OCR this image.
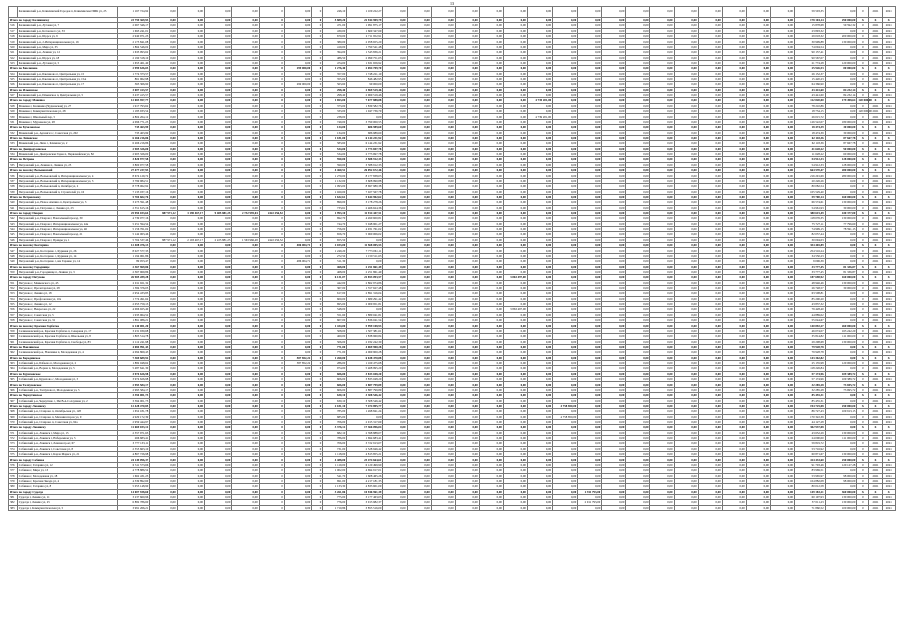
13
	Калининский р-н, Клявлинский Городок п, Клявлинская ПМК ул, 25	1 167 724,92	0,00	0,00	0,00	0,00	0	0,00	0	246,10	1 109 222,27	0,00	0,00	0,00	0,00	0,00	0,00	0,00	0,00	0,00	0,00	0,00	0,00	0,00	0,00	0,00	0,00	0,00	59 503,35	0,00	0	2021	2021
Итого по городу Калининску		23 759 369,93	0,00	0,00	0,00	0,00	0	0,00	0	5 889,20	22 944 909,79	0,00	0,00	0,00	0,00	0,00	0,00	0,00	0,00	0,00	0,00	0,00	0,00	0,00	0,00	0,00	0,00	0,00	178 104,14	290 000,00	X	X	X
316	Калининский р-н, Луговая ул, 7	2 067 346,17	0,00	0,00	0,00	0,00	0	0,00	0	471,00	1 991 875,17	0,00	0,00	0,00	0,00	0,00	0,00	0,00	0,00	0,00	0,00	0,00	0,00	0,00	0,00	0,00	0,00	0,00	15 878,68	59 592,32	0	2021	2021
317	Калининский р-н, Котовского ул, 33	1 693 241,01	0,00	0,00	0,00	0,00	0	0,00	0	430,00	1 669 347,69	0,00	0,00	0,00	0,00	0,00	0,00	0,00	0,00	0,00	0,00	0,00	0,00	0,00	0,00	0,00	0,00	0,00	23 893,32	0,00	0	2021	2021
318	Калининский р-н, Щорса ул, 9	2 940 971,23	0,00	0,00	0,00	0,00	0	0,00	0	670,00	2 711 952,91	0,00	0,00	0,00	0,00	0,00	0,00	0,00	0,00	0,00	0,00	0,00	0,00	0,00	0,00	0,00	0,00	0,00	29 018,32	200 000,00	0	2021	2021
319	Калининский р-н, 2-Интернациональная ул, 16	2 175 841,08	0,00	0,00	0,00	0,00	0	0,00	0	380,00	2 058 655,20	0,00	0,00	0,00	0,00	0,00	0,00	0,00	0,00	0,00	0,00	0,00	0,00	0,00	0,00	0,00	0,00	0,00	30 999,88	130 000,00	0	2021	2021
320	Калининский р-н, Мира ул, 35	1 864 546,02	0,00	0,00	0,00	0,00	0	0,00	0	419,00	1 790 541,48	0,00	0,00	0,00	0,00	0,00	0,00	0,00	0,00	0,00	0,00	0,00	0,00	0,00	0,00	0,00	0,00	0,00	74 004,54	0,00	0	2021	2021
321	Калининский р-н, Ленина ул, 12	1 633 993,62	0,00	0,00	0,00	0,00	0	0,00	0	394,00	1 543 836,21	0,00	0,00	0,00	0,00	0,00	0,00	0,00	0,00	0,00	0,00	0,00	0,00	0,00	0,00	0,00	0,00	0,00	90 157,41	0,00	0	2021	2021
322	Калининский р-н, Щорса ул, 18	2 190 318,10	0,00	0,00	0,00	0,00	0	0,00	0	486,50	2 099 751,03	0,00	0,00	0,00	0,00	0,00	0,00	0,00	0,00	0,00	0,00	0,00	0,00	0,00	0,00	0,00	0,00	0,00	90 567,07	0,00	0	2021	2021
323	Калининский р-н, Луговая ул, 5	1 653 461,40	0,00	0,00	0,00	0,00	0	0,00	0	474,00	1 631 656,92	0,00	0,00	0,00	0,00	0,00	0,00	0,00	0,00	0,00	0,00	0,00	0,00	0,00	0,00	0,00	0,00	0,00	21 774,28	120 000,00	0	2021	2021
Итого по Бакланово		2 999 636,03	0,00	0,00	0,00	0,00	0	299 000,00	0	1 276,40	2 694 709,70	0,00	0,00	0,00	0,00	0,00	0,00	0,00	0,00	0,00	0,00	0,00	0,00	0,00	0,00	0,00	0,00	0,00	25 926,53	80 000,00	X	X	X
324	Калининский р-н, Бакланово п, Центральная ул, 15	1 774 373,57	0,00	0,00	0,00	0,00	0	0,00	0	357,00	1 748 221,10	0,00	0,00	0,00	0,00	0,00	0,00	0,00	0,00	0,00	0,00	0,00	0,00	0,00	0,00	0,00	0,00	0,00	26 152,37	0,00	0	2021	2021
325	Калининский р-н, Бакланово п, Центральная ул, 15А	861 962,98	0,00	0,00	0,00	0,00	0	0,00	0	355,00	846 482,95	0,00	0,00	0,00	0,00	0,00	0,00	0,00	0,00	0,00	0,00	0,00	0,00	0,00	0,00	0,00	0,00	0,00	15 420,23	0,00	0	2021	2021
326	Калининский р-н, Бакланово п, Центральная ул, 17	363 366,90	0,00	0,00	0,00	0,00	0	299 000,00	0	563,60	99 000,00	0,00	0,00	0,00	0,00	0,00	0,00	0,00	0,00	0,00	0,00	0,00	0,00	0,00	0,00	0,00	0,00	0,00	64 366,90	0,00	0	2021	2021
Итого по Ильинское		3 007 413,57	0,00	0,00	0,00	0,00	0	0,00	0	298,40	2 969 519,46	0,00	0,00	0,00	0,00	0,00	0,00	0,00	0,00	0,00	0,00	0,00	0,00	0,00	0,00	0,00	0,00	0,00	43 441,60	84 232,14	X	X	X
327	Калининский р-н, Ильинское п, Центральная ул, 5	3 437 415,57	0,00	0,00	0,00	0,00	0	0,00	0	298,40	2 969 519,46	0,00	0,00	0,00	0,00	0,00	0,00	0,00	0,00	0,00	0,00	0,00	0,00	0,00	0,00	0,00	0,00	0,00	43 441,60	84 232,14	0	2021	2021
Итого по городу Маневка		12 003 957,77	0,00	0,00	0,00	0,00	0	0,00	0	1 693,00	7 677 888,88	0,00	0,00	0,00	0,00	0,00	0,00	4 739 201,00	0,00	0,00	0,00	0,00	0,00	0,00	0,00	0,00	0,00	0,00	112 820,00	179 498,64	120 000,00	X	X
328	Маневка г, Калинина (Чудновская) ул, 27	1 917 793,62	0,00	0,00	0,00	0,00	0	0,00	0	373,00	1 839 582,76	0,00	0,00	0,00	0,00	0,00	0,00	0,00	0,00	0,00	0,00	0,00	0,00	0,00	0,00	0,00	0,00	0,00	78 210,86	0,00	0	2021	2021
329	Маневка г, Коммунистическая ул, 28	1 185 933,54	0,00	0,00	0,00	0,00	0	0,00	0	333,00	1 047 736,79	0,00	0,00	0,00	0,00	0,00	0,00	0,00	0,00	0,00	0,00	0,00	0,00	0,00	0,00	0,00	0,00	0,00	18 734,15	0,00	120 000,00	2021	2021
330	Маневка г, Школьный пер, 5	4 804 264,12	0,00	0,00	0,00	0,00	0	0,00	0	238,00	0,00	0,00	0,00	0,00	0,00	0,00	0,00	4 739 201,00	0,00	0,00	0,00	0,00	0,00	0,00	0,00	0,00	0,00	0,00	26 015,72	0,00	0	2021	2021
331	Маневка г, Мурзакова ул, 28	4 096 771,25	0,00	0,00	0,00	0,00	0	0,00	0	749,00	3 790 000,55	0,00	0,00	0,00	0,00	0,00	0,00	0,00	0,00	0,00	0,00	0,00	0,00	0,00	0,00	0,00	0,00	0,00	126 522,07	180 000,00	0	2021	2021
Итого по Бухаловское		735 463,99	0,00	0,00	0,00	0,00	0	0,00	0	134,00	686 989,60	0,00	0,00	0,00	0,00	0,00	0,00	0,00	0,00	0,00	0,00	0,00	0,00	0,00	0,00	0,00	0,00	0,00	18 474,39	30 000,00	X	X	X
332	Маневский р-н, Архангел с, Советская ул, 202	735 463,99	0,00	0,00	0,00	0,00	0	0,00	0	134,00	686 989,60	0,00	0,00	0,00	0,00	0,00	0,00	0,00	0,00	0,00	0,00	0,00	0,00	0,00	0,00	0,00	0,00	0,00	18 474,39	30 000,00	0	2021	2021
Итого по Липовское		6 266 216,86	0,00	0,00	0,00	0,00	0	0,00	0	1 181,00	6 144 231,92	0,00	0,00	0,00	0,00	0,00	0,00	0,00	0,00	0,00	0,00	0,00	0,00	0,00	0,00	0,00	0,00	0,00	62 118,36	87 667,78	X	X	X
333	Маневский р-н, Липа с, Климова ул, 2	6 266 216,86	0,00	0,00	0,00	0,00	0	0,00	0	583,60	6 144 231,92	0,00	0,00	0,00	0,00	0,00	0,00	0,00	0,00	0,00	0,00	0,00	0,00	0,00	0,00	0,00	0,00	0,00	62 118,36	87 667,78	0	2021	2021
Итого по Днепрорусенское		2 905 326,00	0,00	0,00	0,00	0,00	0	0,00	0	534,00	2 773 697,78	0,00	0,00	0,00	0,00	0,00	0,00	0,00	0,00	0,00	0,00	0,00	0,00	0,00	0,00	0,00	0,00	0,00	41 628,22	90 000,00	X	X	X
334	Маневский р-н, Днепровская Горка п, Первомайская ул, 82	2 905 326,00	0,00	0,00	0,00	0,00	0	0,00	0	534,00	2 773 697,78	0,00	0,00	0,00	0,00	0,00	0,00	0,00	0,00	0,00	0,00	0,00	0,00	0,00	0,00	0,00	0,00	0,00	11 628,22	60 000,00	0	2021	2021
Итого по Петрово		3 820 977,58	0,00	0,00	0,00	0,00	0	0,00	0	590,00	3 588 912,33	0,00	0,00	0,00	0,00	0,00	0,00	0,00	0,00	0,00	0,00	0,00	0,00	0,00	0,00	0,00	0,00	0,00	54 912,33	128 000,00	X	X	X
335	Петровский р-н, Ленина п, Ленина ул, 25	3 800 977,58	0,00	0,00	0,00	0,00	0	0,00	0	590,00	3 588 912,33	0,00	0,00	0,00	0,00	0,00	0,00	0,00	0,00	0,00	0,00	0,00	0,00	0,00	0,00	0,00	0,00	0,00	54 912,33	128 000,00	0	2021	2021
Итого по поселку Вольновский		27 477 237,93	0,00	0,00	0,00	0,00	0	0,00	0	4 460,51	26 092 672,46	0,00	0,00	0,00	0,00	0,00	0,00	0,00	0,00	0,00	0,00	0,00	0,00	0,00	0,00	0,00	0,00	0,00	664 570,47	280 000,00	X	X	X
336	Петровский р-н, Вольновский п, Интернациональная ул, 4	8 674 129,72	0,00	0,00	0,00	0,00	0	0,00	0	1 270,00	8 177 838,03	0,00	0,00	0,00	0,00	0,00	0,00	0,00	0,00	0,00	0,00	0,00	0,00	0,00	0,00	0,00	0,00	0,00	216 291,69	280 000,00	0	2021	2021
337	Петровский р-н, Вольновский п, Интернациональная ул, 3	3 799 984,51	0,00	0,00	0,00	0,00	0	0,00	0	1 132,00	3 608 990,88	0,00	0,00	0,00	0,00	0,00	0,00	0,00	0,00	0,00	0,00	0,00	0,00	0,00	0,00	0,00	0,00	0,00	20 226,26	0,00	0	2021	2021
338	Петровский р-н, Вольновский п, Октября ул, 2	8 778 062,92	0,00	0,00	0,00	0,00	0	0,00	0	1 093,00	8 697 980,38	0,00	0,00	0,00	0,00	0,00	0,00	0,00	0,00	0,00	0,00	0,00	0,00	0,00	0,00	0,00	0,00	0,00	80 082,54	0,00	0	2021	2021
339	Петровский р-н, Вольновский п, Строителей ул, 16	7 133 037,16	0,00	0,00	0,00	0,00	0	0,00	0	1 020,00	7 027 567,78	0,00	0,00	0,00	0,00	0,00	0,00	0,00	0,00	0,00	0,00	0,00	0,00	0,00	0,00	0,00	0,00	0,00	105 529,40	0,00	0	2021	2021
Итого по Петровскому		5 704 602,76	0,00	0,00	0,00	0,00	0	0,00	0	1 632,61	5 644 902,62	0,00	0,00	0,00	0,00	0,00	0,00	0,00	0,00	0,00	0,00	0,00	0,00	0,00	0,00	0,00	0,00	0,00	59 700,14	160 000,00	X	X	X
340	Петровский р-н, Новое Ампино п, Центральная ул, 3	3 273 591,48	0,00	0,00	0,00	0,00	0	0,00	0	899,00	3 178 278,26	0,00	0,00	0,00	0,00	0,00	0,00	0,00	0,00	0,00	0,00	0,00	0,00	0,00	0,00	0,00	0,00	0,00	66 574,61	130 000,00	0	2021	2021
341	Петровский р-н, Петровка с, Ленина ул, 23	2 551 615,16	0,00	0,00	0,00	0,00	0	0,00	0	733,61	2 466 624,36	0,00	0,00	0,00	0,00	0,00	0,00	0,00	0,00	0,00	0,00	0,00	0,00	0,00	0,00	0,00	0,00	0,00	54 961,93	30 000,00	0	2021	2021
Итого по городу Покров		25 994 033,64	887 971,12	3 190 467,17	9 485 881,25	2 732 995,04	2422 256,52	0,00	0	1 993,10	11 914 447,51	0,00	0,00	0,00	0,00	0,00	0,00	0,00	0,00	0,00	0,00	0,00	0,00	0,00	0,00	0,00	0,00	0,00	380 615,49	430 377,00	X	X	X
342	Петровский р-н, Покров г, Вокзальный проезд, 30	4 739 077,16	0,00	0,00	0,00	0,00	0	0,00	0	692,70	4 490 600,81	0,00	0,00	0,00	0,00	0,00	0,00	0,00	0,00	0,00	0,00	0,00	0,00	0,00	0,00	0,00	0,00	0,00	118 076,35	130 000,00	0	2021	2021
343	Петровский р-н, Покров г, Интернациональная ул, 44а	5 251 594,54	0,00	0,00	0,00	0,00	0	0,00	0	744,70	5 048 901,27	0,00	0,00	0,00	0,00	0,00	0,00	0,00	0,00	0,00	0,00	0,00	0,00	0,00	0,00	0,00	0,00	0,00	75 727,11	77 796,60	0	2021	2021
344	Петровский р-н, Покров г, Интернациональная ул, 46	5 156 761,02	0,00	0,00	0,00	0,00	0	0,00	0	756,00	4 931 761,02	0,00	0,00	0,00	0,00	0,00	0,00	0,00	0,00	0,00	0,00	0,00	0,00	0,00	0,00	0,00	0,00	0,00	74 999,15	78 591,15	0	2021	2021
345	Петровский р-н, Покров г, Вокзальный проезд, 21	5 142 063,46	0,00	0,00	0,00	0,00	0	0,00	0	656,70	5 060 006,02	0,00	0,00	0,00	0,00	0,00	0,00	0,00	0,00	0,00	0,00	0,00	0,00	0,00	0,00	0,00	0,00	0,00	82 057,44	0,00	0	2021	2021
346	Петровский р-н, Покров г, Правды ул, 1	5 704 537,46	887 971,12	2 193 467,17	2 225 881,25	1 563 966,48	2422 256,52	0,00	0	655,50	0,00	0,00	0,00	0,00	0,00	0,00	0,00	0,00	0,00	0,00	0,00	0,00	0,00	0,00	0,00	0,00	0,00	0,00	30 094,03	0,00	0	2021	2021
Итого по поселку Костерино		12 408 476,13	0,00	0,00	0,00	0,00	0	486 004,71	0	2 033,00	11 568 005,53	0,00	0,00	0,00	0,00	0,00	0,00	0,00	0,00	0,00	0,00	0,00	0,00	0,00	0,00	0,00	0,00	0,00	354 465,89	0,00	X	X	X
347	Петровский р-н, Костерино с, Куриная ул, 26	8 027 577,35	0,00	0,00	0,00	0,00	0	0,00	0	1 249,20	7 773 061,11	0,00	0,00	0,00	0,00	0,00	0,00	0,00	0,00	0,00	0,00	0,00	0,00	0,00	0,00	0,00	0,00	0,00	254 516,24	0,00	0	2021	2021
348	Петровский р-н, Костерино с, Куриная ул, 14	1 194 061,86	0,00	0,00	0,00	0,00	0	0,00	0	272,50	1 159 511,63	0,00	0,00	0,00	0,00	0,00	0,00	0,00	0,00	0,00	0,00	0,00	0,00	0,00	0,00	0,00	0,00	0,00	34 550,23	0,00	0	2021	2021
349	Петровский р-н, Костерино с, им Гаранко ул, 14	89 053,47	0,00	0,00	0,00	0,00	0	486 004,71	0	511,30	0,00	0,00	0,00	0,00	0,00	0,00	0,00	0,00	0,00	0,00	0,00	0,00	0,00	0,00	0,00	0,00	0,00	0,00	9 096,39	0,00	0	2021	2021
Итого по поселку Городнище		2 367 969,86	0,00	0,00	0,00	0,00	0	0,00	0	468,00	2 251 861,49	0,00	0,00	0,00	0,00	0,00	0,00	0,00	0,00	0,00	0,00	0,00	0,00	0,00	0,00	0,00	0,00	0,00	33 777,45	81 336,87	X	X	X
350	Петровский р-н, Городнище п, Ленина ул, 3	2 367 969,86	0,00	0,00	0,00	0,00	0	0,00	0	468,00	2 251 861,49	0,00	0,00	0,00	0,00	0,00	0,00	0,00	0,00	0,00	0,00	0,00	0,00	0,00	0,00	0,00	0,00	0,00	33 777,45	81 336,87	0	2021	2021
Итого по городу Петухово		26 905 289,28	0,00	0,00	0,00	0,00	0	0,00	0	6 131,07	22 853 093,57	0,00	0,00	0,00	0,00	0,00	3 863 497,00	0,00	0,00	0,00	0,00	0,00	0,00	0,00	0,00	0,00	0,00	0,00	187 698,92	160 000,00	X	X	X
351	Петухово г, Маяковского ул, 45	2 911 921,32	0,00	0,00	0,00	0,00	0	0,00	0	442,00	2 862 974,86	0,00	0,00	0,00	0,00	0,00	0,00	0,00	0,00	0,00	0,00	0,00	0,00	0,00	0,00	0,00	0,00	0,00	48 946,46	130 000,00	0	2021	2021
352	Петухово г, Пролетарская ул, 28	1 584 376,05	0,00	0,00	0,00	0,00	0	0,00	0	367,00	1 557 627,48	0,00	0,00	0,00	0,00	0,00	0,00	0,00	0,00	0,00	0,00	0,00	0,00	0,00	0,00	0,00	0,00	0,00	26 748,57	30 000,00	0	2021	2021
353	Петухово г, Ленина ул, 18	2 954 433,85	0,00	0,00	0,00	0,00	0	0,00	0	617,00	2 891 316,04	0,00	0,00	0,00	0,00	0,00	0,00	0,00	0,00	0,00	0,00	0,00	0,00	0,00	0,00	0,00	0,00	0,00	63 508,81	0,00	0	2021	2021
354	Петухово г, Профсоюзная ул, 10а	1 774 491,62	0,00	0,00	0,00	0,00	0	0,00	0	600,00	1 689 291,42	0,00	0,00	0,00	0,00	0,00	0,00	0,00	0,00	0,00	0,00	0,00	0,00	0,00	0,00	0,00	0,00	0,00	85 200,20	0,00	0	2021	2021
355	Петухово г, Ленина ул, 12	2 053 759,13	0,00	0,00	0,00	0,00	0	0,00	0	695,00	2 009 951,81	0,00	0,00	0,00	0,00	0,00	0,00	0,00	0,00	0,00	0,00	0,00	0,00	0,00	0,00	0,00	0,00	0,00	43 837,32	0,00	0	2021	2021
356	Петухово г, Некрасова ул, 22	4 066 925,40	0,00	0,00	0,00	0,00	0	0,00	0	548,00	0,00	0,00	0,00	0,00	0,00	0,00	3 863 497,00	0,00	0,00	0,00	0,00	0,00	0,00	0,00	0,00	0,00	0,00	0,00	79 428,40	0,00	0	2021	2021
357	Петухово г, Советская ул, 5	1 933 964,52	0,00	0,00	0,00	0,00	0	0,00	0	551,60	1 889 041,81	0,00	0,00	0,00	0,00	0,00	0,00	0,00	0,00	0,00	0,00	0,00	0,00	0,00	0,00	0,00	0,00	0,00	44 889,02	0,00	0	2021	2021
358	Петухово г, Советская ул, 31	1 891 086,21	0,00	0,00	0,00	0,00	0	0,00	0	607,00	1 836 041,54	0,00	0,00	0,00	0,00	0,00	0,00	0,00	0,00	0,00	0,00	0,00	0,00	0,00	0,00	0,00	0,00	0,00	55 044,67	0,00	0	2021	2021
Итого по поселку Красная Горбатка		6 140 001,20	0,00	0,00	0,00	0,00	0	0,00	0	1 434,00	5 999 108,93	0,00	0,00	0,00	0,00	0,00	0,00	0,00	0,00	0,00	0,00	0,00	0,00	0,00	0,00	0,00	0,00	0,00	140 892,27	260 000,00	X	X	X
359	Селивановский р-н, Красная Горбатка п, Северная ул, 17	3 231 930,68	0,00	0,00	0,00	0,00	0	0,00	0	508,00	1 507 381,61	0,00	0,00	0,00	0,00	0,00	0,00	0,00	0,00	0,00	0,00	0,00	0,00	0,00	0,00	0,00	0,00	0,00	46 074,07	163 242,20	0	2021	2021
360	Селивановский р-н, Красная Горбатка п, Школьная ул, 8	1 805 514,78	0,00	0,00	0,00	0,00	0	0,00	0	460,00	1 838 960,84	0,00	0,00	0,00	0,00	0,00	0,00	0,00	0,00	0,00	0,00	0,00	0,00	0,00	0,00	0,00	0,00	0,00	35 814,82	111 000,00	0	2021	2021
361	Селивановский р-н, Красная Горбатка п, Свободы ул, 83	2 112 241,98	0,00	0,00	0,00	0,00	0	0,00	0	506,00	2 032 242,30	0,00	0,00	0,00	0,00	0,00	0,00	0,00	0,00	0,00	0,00	0,00	0,00	0,00	0,00	0,00	0,00	0,00	29 298,68	130 000,00	0	2021	2021
Итого по Новлянское		4 084 991,43	0,00	0,00	0,00	0,00	0	0,00	0	771,00	4 069 900,28	0,00	0,00	0,00	0,00	0,00	0,00	0,00	0,00	0,00	0,00	0,00	0,00	0,00	0,00	0,00	0,00	0,00	79 928,78	0,00	X	X	X
362	Селивановский р-н, Новлянка п, Молодежная ул, 4	4 094 869,43	0,00	0,00	0,00	0,00	0	0,00	0	771,00	4 069 900,28	0,00	0,00	0,00	0,00	0,00	0,00	0,00	0,00	0,00	0,00	0,00	0,00	0,00	0,00	0,00	0,00	0,00	79 928,78	0,00	0	2021	2021
Итого по Бородинское		7 369 689,92	0,00	0,00	0,00	0,00	0	587 852,22	0	1 260,00	6 638 470,88	0,00	0,00	0,00	0,00	0,00	0,00	0,00	0,00	0,00	0,00	0,00	0,00	0,00	0,00	0,00	0,00	0,00	143 362,82	0,00	X	X	X
363	Собинский р-н, Бабаево п, Молодежная ул, 2	1 882 048,62	0,00	0,00	0,00	0,00	0	587 852,22	0	286,00	1 169 475,68	0,00	0,00	0,00	0,00	0,00	0,00	0,00	0,00	0,00	0,00	0,00	0,00	0,00	0,00	0,00	0,00	0,00	25 135,98	120 000,00	0	2021	2021
364	Собинский р-н, Ворша п, Молодежная ул, 5	5 487 641,30	0,00	0,00	0,00	0,00	0	0,00	0	974,00	5 468 995,20	0,00	0,00	0,00	0,00	0,00	0,00	0,00	0,00	0,00	0,00	0,00	0,00	0,00	0,00	0,00	0,00	0,00	118 226,84	0,00	0	2021	2021
Итого по Куриловское		3 974 626,98	0,00	0,00	0,00	0,00	0	0,00	0	606,00	3 833 048,20	0,00	0,00	0,00	0,00	0,00	0,00	0,00	0,00	0,00	0,00	0,00	0,00	0,00	0,00	0,00	0,00	0,00	57 174,96	109 389,72	X	X	X
365	Собинский р-н, Курилово с, Молодежная ул, 3	3 974 626,98	0,00	0,00	0,00	0,00	0	0,00	0	606,00	3 833 048,20	0,00	0,00	0,00	0,00	0,00	0,00	0,00	0,00	0,00	0,00	0,00	0,00	0,00	0,00	0,00	0,00	0,00	57 174,96	109 389,72	0	2021	2021
Итого по Толпуховское		2 993 584,17	0,00	0,00	0,00	0,00	0	0,00	0	606,00	2 887 799,89	0,00	0,00	0,00	0,00	0,00	0,00	0,00	0,00	0,00	0,00	0,00	0,00	0,00	0,00	0,00	0,00	0,00	32 285,28	73 695,72	X	X	X
366	Собинский р-н, Толпухово п, Молодежная ул, 5	2 993 584,17	0,00	0,00	0,00	0,00	0	0,00	0	606,00	2 887 799,89	0,00	0,00	0,00	0,00	0,00	0,00	0,00	0,00	0,00	0,00	0,00	0,00	0,00	0,00	0,00	0,00	0,00	32 285,28	73 695,72	0	2021	2021
Итого по Черкутинское		3 394 001,73	0,00	0,00	0,00	0,00	0	0,00	0	630,10	3 308 546,42	0,00	0,00	0,00	0,00	0,00	0,00	0,00	0,00	0,00	0,00	0,00	0,00	0,00	0,00	0,00	0,00	0,00	85 455,31	0,00	X	X	X
367	Собинский р-н, Черкутино с, Им В.А.Солоухина ул, 2	3 394 001,73	0,00	0,00	0,00	0,00	0	0,00	0	630,10	3 308 546,42	0,00	0,00	0,00	0,00	0,00	0,00	0,00	0,00	0,00	0,00	0,00	0,00	0,00	0,00	0,00	0,00	0,00	85 455,31	0,00	0	2021	2021
Итого по городу Лакинску		12 428 470,85	0,00	0,00	0,00	0,00	0	0,00	0	2 181,10	7 474 895,77	0,00	0,00	0,00	0,00	0,00	0,00	0,00	4 758 850,00	0,00	0,00	0,00	0,00	0,00	0,00	0,00	0,00	0,00	194 725,08	250 000,00	X	X	X
368	Собинский р-н, Ставрово п, Октябрьская ул, 128	1 652 181,78	0,00	0,00	0,00	0,00	0	0,00	0	785,00	1 498 841,24	0,00	0,00	0,00	0,00	0,00	0,00	0,00	0,00	0,00	0,00	0,00	0,00	0,00	0,00	0,00	0,00	0,00	86 727,43	109 913,15	0	2021	2021
369	Собинский р-н, Ставрово п, Механизаторов ул, 9	4 929 172,39	0,00	0,00	0,00	0,00	0	0,00	0	685,00	0,00	0,00	0,00	0,00	0,00	0,00	0,00	0,00	4 758 850,00	0,00	0,00	0,00	0,00	0,00	0,00	0,00	0,00	0,00	170 322,39	0,00	0	2021	2021
370	Собинский р-н, Ставрово п, Советская ул, 92а	2 959 444,97	0,00	0,00	0,00	0,00	0	0,00	0	706,00	2 915 317,69	0,00	0,00	0,00	0,00	0,00	0,00	0,00	0,00	0,00	0,00	0,00	0,00	0,00	0,00	0,00	0,00	0,00	44 127,28	0,00	0	2021	2021
Итого по городу Лакинску		11 669 033,12	0,00	0,00	0,00	0,00	0	0,00	0	3 376,12	17 366 096,04	0,00	0,00	0,00	0,00	0,00	0,00	0,00	0,00	0,00	0,00	0,00	0,00	0,00	0,00	0,00	0,00	0,00	302 937,08	0,00	X	X	X
371	Собинский р-н, Лакинск г, Мира ул, 15	2 557 971,63	0,00	0,00	0,00	0,00	0	0,00	0	682,10	2 398 888,07	0,00	0,00	0,00	0,00	0,00	0,00	0,00	0,00	0,00	0,00	0,00	0,00	0,00	0,00	0,00	0,00	0,00	43 652,29	130 000,00	0	2021	2021
372	Собинский р-н, Лакинск г, Набережная ул, 5	266 683,41	0,00	0,00	0,00	0,00	0	0,00	0	786,00	1 694 683,41	0,00	0,00	0,00	0,00	0,00	0,00	0,00	0,00	0,00	0,00	0,00	0,00	0,00	0,00	0,00	0,00	0,00	24 000,00	111 000,00	0	2021	2021
373	Собинский р-н, Лакинск г, Ленина пр-кт, 67	3 777 133,11	0,00	0,00	0,00	0,00	0	0,00	0	706,00	3 722 913,07	0,00	0,00	0,00	0,00	0,00	0,00	0,00	0,00	0,00	0,00	0,00	0,00	0,00	0,00	0,00	0,00	0,00	59 819,72	0,00	0	2021	2021
374	Собинский р-н, Лакинск г, Советская ул, 8	2 555 663,10	0,00	0,00	0,00	0,00	0	0,00	0	731,00	2 528 946,42	0,00	0,00	0,00	0,00	0,00	0,00	0,00	0,00	0,00	0,00	0,00	0,00	0,00	0,00	0,00	0,00	0,00	53 716,92	0,00	0	2021	2021
375	Собинский р-н, Лакинск г, Карла Маркса ул, 21	4 867 726,98	0,00	0,00	0,00	0,00	0	0,00	0	1 118,00	4 813 855,21	0,00	0,00	0,00	0,00	0,00	0,00	0,00	0,00	0,00	0,00	0,00	0,00	0,00	0,00	0,00	0,00	0,00	60 871,67	130 000,00	0	2021	2021
Итого по городу Собинке		24 149 096,37	0,00	0,00	0,00	0,00	0	0,00	0	4 488,00	23 474 664,61	0,00	0,00	0,00	0,00	0,00	0,00	0,00	0,00	0,00	0,00	0,00	0,00	0,00	0,00	0,00	0,00	0,00	414 433,60	250 000,00	X	X	X
376	Собинка г, Гагарина ул, 12	6 311 573,66	0,00	0,00	0,00	0,00	0	0,00	0	1 119,00	6 120 499,90	0,00	0,00	0,00	0,00	0,00	0,00	0,00	0,00	0,00	0,00	0,00	0,00	0,00	0,00	0,00	0,00	0,00	91 703,46	120 127,28	0	2021	2021
377	Собинка г, Мира ул, 13	4 778 886,52	0,00	0,00	0,00	0,00	0	0,00	0	1 002,00	4 694 917,01	0,00	0,00	0,00	0,00	0,00	0,00	0,00	0,00	0,00	0,00	0,00	0,00	0,00	0,00	0,00	0,00	0,00	83 969,51	0,00	0	2021	2021
378	Собинка г, Молодежная ул, 18	1 662 431,23	0,00	0,00	0,00	0,00	0	0,00	0	541,70	1 608 465,26	0,00	0,00	0,00	0,00	0,00	0,00	0,00	0,00	0,00	0,00	0,00	0,00	0,00	0,00	0,00	0,00	0,00	53 965,97	98 000,00	0	2021	2021
379	Собинка г, Красная Звезда ул, 4	4 339 892,60	0,00	0,00	0,00	0,00	0	0,00	0	691,00	4 217 181,35	0,00	0,00	0,00	0,00	0,00	0,00	0,00	0,00	0,00	0,00	0,00	0,00	0,00	0,00	0,00	0,00	0,00	104 882,08	98 000,00	0	2021	2021
380	Собинка г, Гагарина ул, 8	5 055 148,90	0,00	0,00	0,00	0,00	0	0,00	0	1 133,30	4 833 601,09	0,00	0,00	0,00	0,00	0,00	0,00	0,00	0,00	0,00	0,00	0,00	0,00	0,00	0,00	0,00	0,00	0,00	80 012,58	0,00	0	2021	2021
Итого по городу Судогде		14 007 938,60	0,00	0,00	0,00	0,00	0	0,00	0	3 261,86	10 946 961,39	0,00	0,00	0,00	0,00	0,00	0,00	0,00	0,00	2 911 793,00	0,00	0,00	0,00	0,00	0,00	0,00	0,00	0,00	149 183,21	360 000,00	X	X	X
381	Судогда г, Ленина ул, 11	3 237 660,96	0,00	0,00	0,00	0,00	0	0,00	0	775,00	3 177 463,03	0,00	0,00	0,00	0,00	0,00	0,00	0,00	0,00	0,00	0,00	0,00	0,00	0,00	0,00	0,00	0,00	0,00	60 197,93	130 000,00	0	2021	2021
382	Судогда г, Ленина ул, 25	6 882 786,60	0,00	0,00	0,00	0,00	0	0,00	0	776,00	3 913 982,37	0,00	0,00	0,00	0,00	0,00	0,00	0,00	0,00	2 911 793,00	0,00	0,00	0,00	0,00	0,00	0,00	0,00	0,00	57 011,23	130 000,00	0	2021	2021
383	Судогда г, Коммунистическая ул, 5	3 991 266,21	0,00	0,00	0,00	0,00	0	0,00	0	1 710,86	3 855 516,00	0,00	0,00	0,00	0,00	0,00	0,00	0,00	0,00	0,00	0,00	0,00	0,00	0,00	0,00	0,00	0,00	0,00	71 860,52	100 000,00	0	2021	2021
